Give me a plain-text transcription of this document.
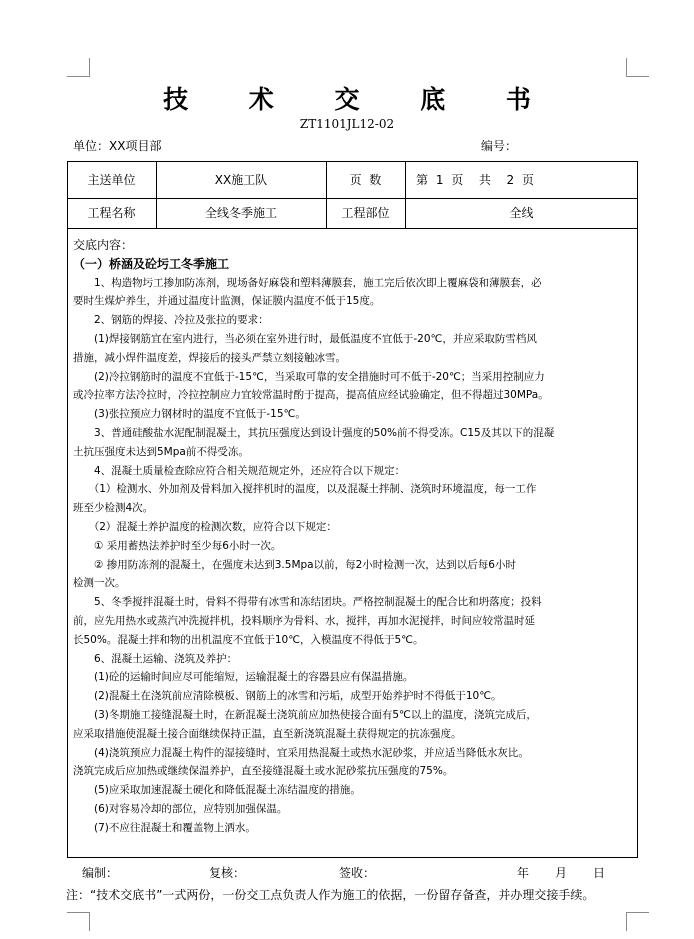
技 术 交 底 书
ZT1101JL12-02
单位：XX项目部	编号：
主送单位	XX施工队	页  数	第 1 页  共  2 页
工程名称	全线冬季施工	工程部位	全线

交底内容：

（一）桥涵及砼圬工冬季施工

　　1、构造物圬工掺加防冻剂，现场备好麻袋和塑料薄膜套，施工完后依次即上覆麻袋和薄膜套，必

要时生煤炉养生，并通过温度计监测，保证膜内温度不低于15度。

　　2、钢筋的焊接、冷拉及张拉的要求：

　　(1)焊接钢筋宜在室内进行，当必须在室外进行时，最低温度不宜低于-20℃，并应采取防雪档风

措施，减小焊件温度差，焊接后的接头严禁立刻接触冰雪。

　　(2)冷拉钢筋时的温度不宜低于-15℃，当采取可靠的安全措施时可不低于-20℃；当采用控制应力

或冷拉率方法冷拉时，冷拉控制应力宜较常温时酌于提高，提高值应经试验确定，但不得超过30MPa。

　　(3)张拉预应力钢材时的温度不宜低于-15℃。

　　3、普通硅酸盐水泥配制混凝土，其抗压强度达到设计强度的50%前不得受冻。C15及其以下的混凝

土抗压强度未达到5Mpa前不得受冻。

　　4、混凝土质量检查除应符合相关规范规定外，还应符合以下规定：

　　（1）检测水、外加剂及骨料加入搅拌机时的温度，以及混凝土拌制、浇筑时环境温度，每一工作

班至少检测4次。

　　（2）混凝土养护温度的检测次数，应符合以下规定：

　　① 采用蓄热法养护时至少每6小时一次。

　　② 掺用防冻剂的混凝土，在强度未达到3.5Mpa以前，每2小时检测一次，达到以后每6小时

检测一次。

　　5、冬季搅拌混凝土时，骨料不得带有冰雪和冻结团块。严格控制混凝土的配合比和坍落度；投料

前，应先用热水或蒸汽冲洗搅拌机，投料顺序为骨料、水，搅拌，再加水泥搅拌，时间应较常温时延

长50%。混凝土拌和物的出机温度不宜低于10℃，入模温度不得低于5℃。

　　6、混凝土运输、浇筑及养护：

　　(1)砼的运输时间应尽可能缩短，运输混凝土的容器县应有保温措施。

　　(2)混凝土在浇筑前应清除模板、钢筋上的冰雪和污垢，成型开始养护时不得低于10℃。

　　(3)冬期施工接缝混凝土时，在新混凝土浇筑前应加热使接合面有5℃以上的温度，浇筑完成后，

应采取措施使混凝土接合面继续保持正温，直至新浇筑混凝土获得规定的抗冻强度。

　　(4)浇筑预应力混凝土构件的湿接缝时，宜采用热混凝土或热水泥砂浆，并应适当降低水灰比。

浇筑完成后应加热或继续保温养护，直至接缝混凝土或水泥砂浆抗压强度的75%。

　　(5)应采取加速混凝土硬化和降低混凝土冻结温度的措施。

　　(6)对容易冷却的部位，应特别加强保温。

　　(7)不应往混凝土和覆盖物上洒水。

编制：	复核：	签收：	年 月 日
注：“技术交底书”一式两份，一份交工点负责人作为施工的依据，一份留存备查，并办理交接手续。
